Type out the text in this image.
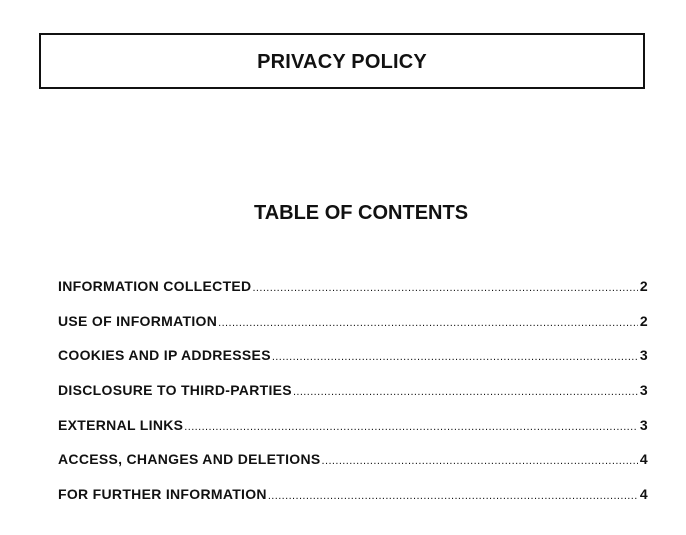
PRIVACY POLICY
TABLE OF CONTENTS
INFORMATION COLLECTED .....	2
USE OF INFORMATION .....	2
COOKIES AND IP ADDRESSES .....	3
DISCLOSURE TO THIRD-PARTIES .....	3
EXTERNAL LINKS .....	3
ACCESS, CHANGES AND DELETIONS .....	4
FOR FURTHER INFORMATION .....	4
